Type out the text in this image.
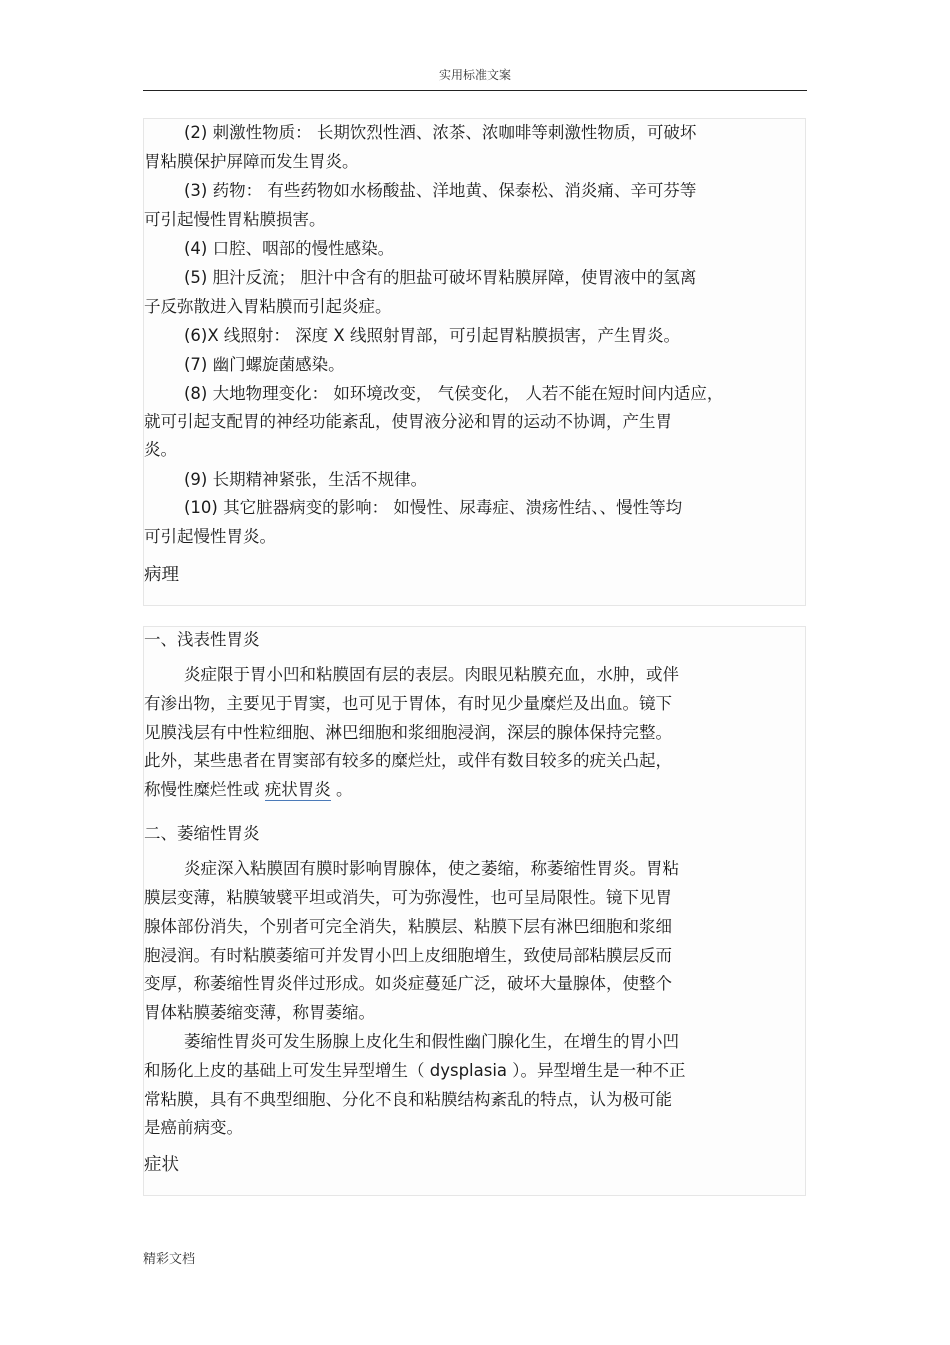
实用标准文案
(2) 刺激性物质： 长期饮烈性酒、浓茶、浓咖啡等刺激性物质，可破坏
胃粘膜保护屏障而发生胃炎。
(3) 药物： 有些药物如水杨酸盐、洋地黄、保泰松、消炎痛、辛可芬等
可引起慢性胃粘膜损害。
(4) 口腔、咽部的慢性感染。
(5) 胆汁反流； 胆汁中含有的胆盐可破坏胃粘膜屏障，使胃液中的氢离
子反弥散进入胃粘膜而引起炎症。
(6)X 线照射： 深度 X 线照射胃部，可引起胃粘膜损害，产生胃炎。
(7) 幽门螺旋菌感染。
(8) 大地物理变化： 如环境改变， 气侯变化， 人若不能在短时间内适应，
就可引起支配胃的神经功能紊乱，使胃液分泌和胃的运动不协调，产生胃
炎。
(9) 长期精神紧张，生活不规律。
(10) 其它脏器病变的影响： 如慢性、尿毒症、溃疡性结、、慢性等均
可引起慢性胃炎。
病理
一、浅表性胃炎
炎症限于胃小凹和粘膜固有层的表层。肉眼见粘膜充血，水肿，或伴
有渗出物，主要见于胃窦，也可见于胃体，有时见少量糜烂及出血。镜下
见膜浅层有中性粒细胞、淋巴细胞和浆细胞浸润，深层的腺体保持完整。
此外，某些患者在胃窦部有较多的糜烂灶，或伴有数目较多的疣关凸起，
称慢性糜烂性或 疣状胃炎 。
二、萎缩性胃炎
炎症深入粘膜固有膜时影响胃腺体，使之萎缩，称萎缩性胃炎。胃粘
膜层变薄，粘膜皱襞平坦或消失，可为弥漫性，也可呈局限性。镜下见胃
腺体部份消失，个别者可完全消失，粘膜层、粘膜下层有淋巴细胞和浆细
胞浸润。有时粘膜萎缩可并发胃小凹上皮细胞增生，致使局部粘膜层反而
变厚，称萎缩性胃炎伴过形成。如炎症蔓延广泛，破坏大量腺体，使整个
胃体粘膜萎缩变薄，称胃萎缩。
萎缩性胃炎可发生肠腺上皮化生和假性幽门腺化生，在增生的胃小凹
和肠化上皮的基础上可发生异型增生（ dysplasia ）。异型增生是一种不正
常粘膜，具有不典型细胞、分化不良和粘膜结构紊乱的特点，认为极可能
是癌前病变。
症状
精彩文档
